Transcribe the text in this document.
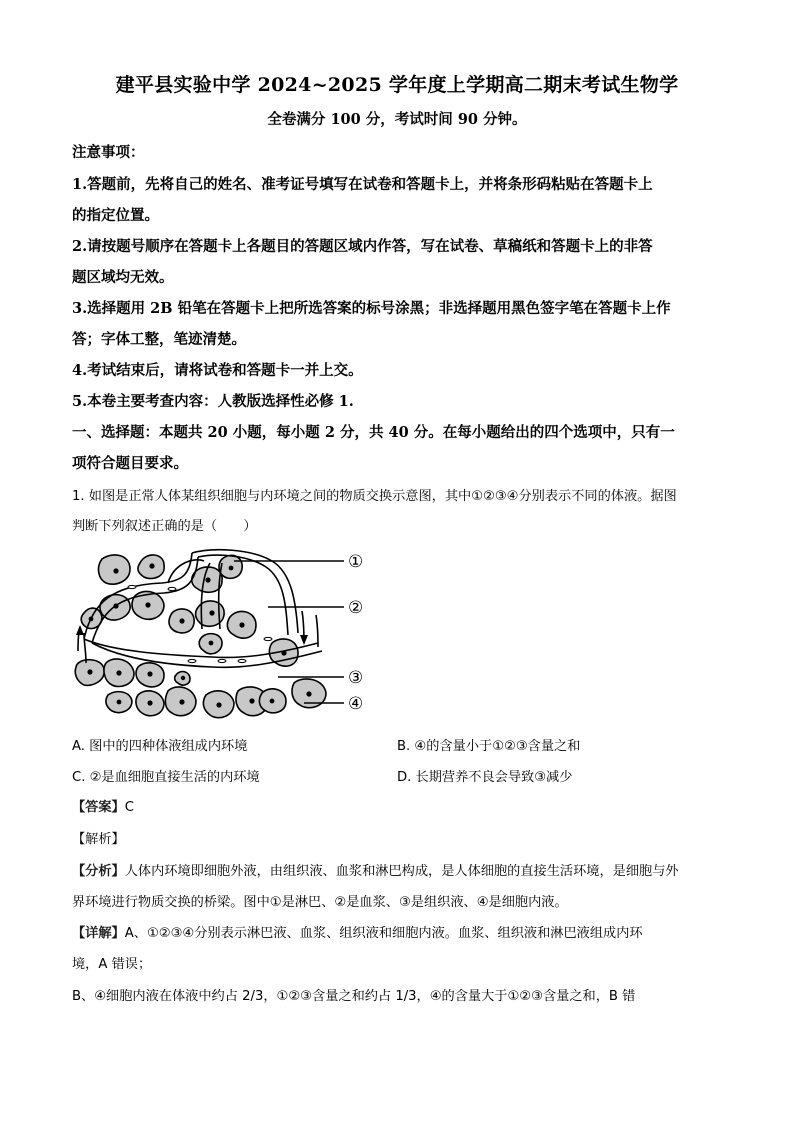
建平县实验中学 2024~2025 学年度上学期高二期末考试生物学
全卷满分 100 分，考试时间 90 分钟。
注意事项：
1.答题前，先将自己的姓名、准考证号填写在试卷和答题卡上，并将条形码粘贴在答题卡上
的指定位置。
2.请按题号顺序在答题卡上各题目的答题区域内作答，写在试卷、草稿纸和答题卡上的非答
题区域均无效。
3.选择题用 2B 铅笔在答题卡上把所选答案的标号涂黑；非选择题用黑色签字笔在答题卡上作
答；字体工整，笔迹清楚。
4.考试结束后，请将试卷和答题卡一并上交。
5.本卷主要考查内容：人教版选择性必修 1.
一、选择题：本题共 20 小题，每小题 2 分，共 40 分。在每小题给出的四个选项中，只有一
项符合题目要求。
1. 如图是正常人体某组织细胞与内环境之间的物质交换示意图，其中①②③④分别表示不同的体液。据图
判断下列叙述正确的是（　　）
①
②
③
④
A. 图中的四种体液组成内环境	B. ④的含量小于①②③含量之和
C. ②是血细胞直接生活的内环境	D. 长期营养不良会导致③减少
【答案】C
【解析】
【分析】人体内环境即细胞外液，由组织液、血浆和淋巴构成，是人体细胞的直接生活环境，是细胞与外
界环境进行物质交换的桥梁。图中①是淋巴、②是血浆、③是组织液、④是细胞内液。
【详解】A、①②③④分别表示淋巴液、血浆、组织液和细胞内液。血浆、组织液和淋巴液组成内环
境，A 错误；
B、④细胞内液在体液中约占 2/3，①②③含量之和约占 1/3，④的含量大于①②③含量之和，B 错
